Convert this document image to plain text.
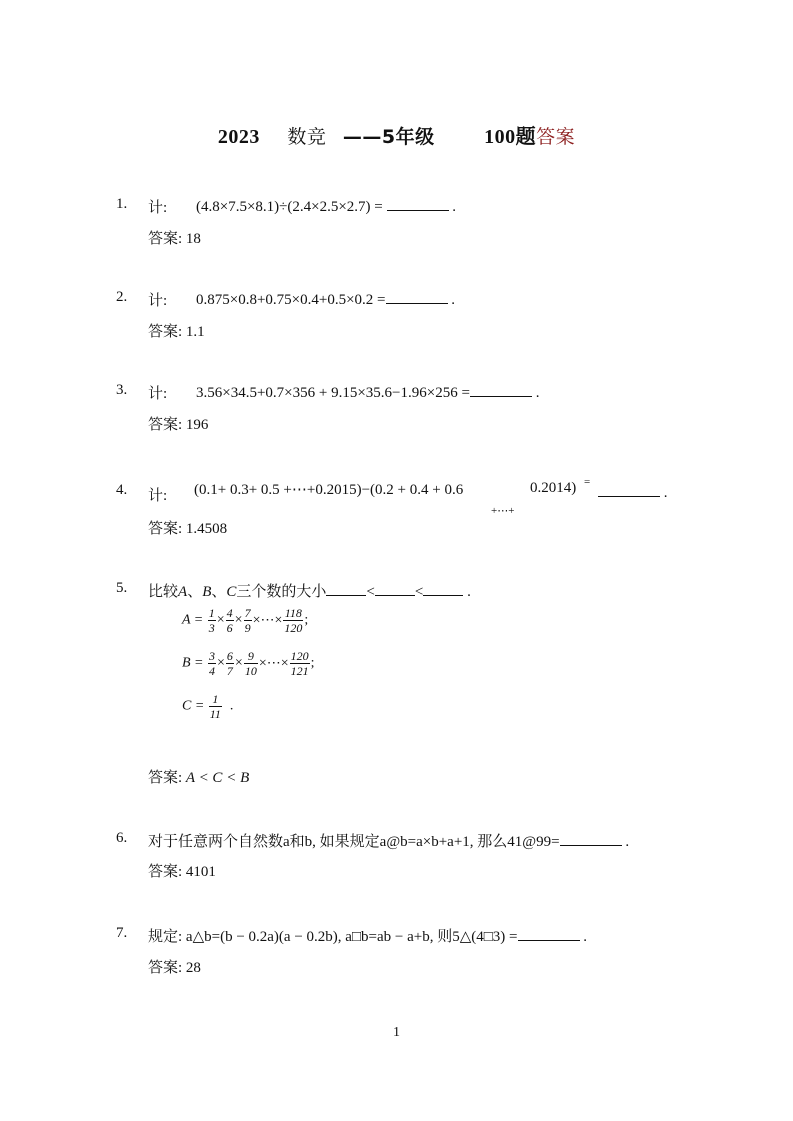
2023 数竞 ——5年级 100题答案
1. 计: (4.8×7.5×8.1)÷(2.4×2.5×2.7) =	.
答案: 18
2. 计: 0.875×0.8+0.75×0.4+0.5×0.2 =	.
答案: 1.1
3. 计: 3.56×34.5+0.7×356 + 9.15×35.6−1.96×256 =	.
答案: 196
4. 计: (0.1+ 0.3+ 0.5 +⋯+0.2015)−(0.2 + 0.4 + 0.6	0.2014) =
+⋯+
.
答案: 1.4508
5. 比较A、B、C三个数的大小	<	<	.
$A = \frac{1}{3} \times \frac{4}{6} \times \frac{7}{9}$ ×⋯× $\frac{118}{120}$ ;
$B = \frac{3}{4} \times \frac{6}{7} \times \frac{9}{10}$ ×⋯× $\frac{120}{121}$ ;
$C = \frac{1}{11}$ .
答案: A < C < B
6. 对于任意两个自然数a和b, 如果规定a@b=a×b+a+1, 那么41@99=	.
答案: 4101
7. 规定: a△b=(b − 0.2a)(a − 0.2b), a□b=ab − a+b, 则5△(4□3) =	.
答案: 28
1
